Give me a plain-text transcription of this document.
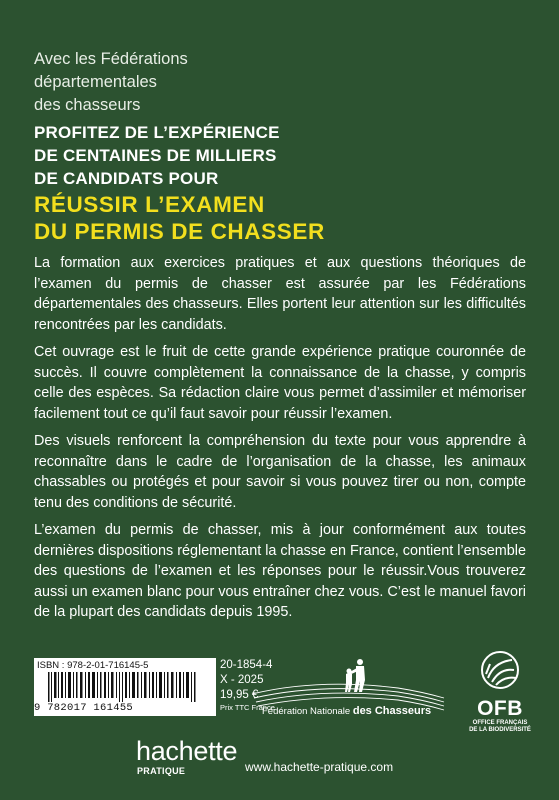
Avec les Fédérations
départementales
des chasseurs
PROFITEZ DE L’EXPÉRIENCE
DE CENTAINES DE MILLIERS
DE CANDIDATS POUR
RÉUSSIR L’EXAMEN
DU PERMIS DE CHASSER
La formation aux exercices pratiques et aux questions théoriques de l’examen du permis de chasser est assurée par les Fédérations départementales des chasseurs. Elles portent leur attention sur les difficultés rencontrées par les candidats.
Cet ouvrage est le fruit de cette grande expérience pratique couronnée de succès. Il couvre complètement la connaissance de la chasse, y compris celle des espèces. Sa rédaction claire vous permet d’assimiler et mémoriser facilement tout ce qu’il faut savoir pour réussir l’examen.
Des visuels renforcent la compréhension du texte pour vous apprendre à reconnaître dans le cadre de l’organisation de la chasse, les animaux chassables ou protégés et pour savoir si vous pouvez tirer ou non, compte tenu des conditions de sécurité.
L’examen du permis de chasser, mis à jour conformément aux toutes dernières dispositions réglementant la chasse en France, contient l’ensemble des questions de l’examen et les réponses pour le réussir.Vous trouverez aussi un examen blanc pour vous entraîner chez vous. C’est le manuel favori de la plupart des candidats depuis 1995.
ISBN : 978-2-01-716145-5
9 782017 161455
20-1854-4
X - 2025
19,95 €
Prix TTC France
Fédération Nationale des Chasseurs	OFB
OFFICE FRANÇAIS
DE LA BIODIVERSITÉ
hachette
PRATIQUE	www.hachette-pratique.com
